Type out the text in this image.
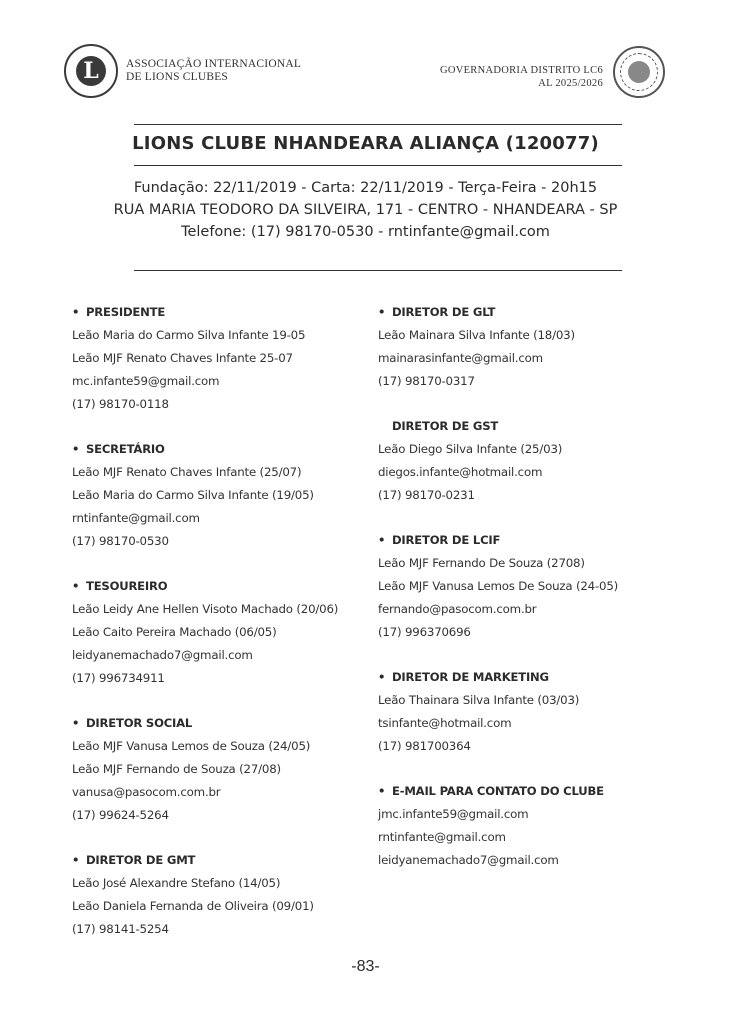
L	ASSOCIAÇÃO INTERNACIONAL
DE LIONS CLUBES
GOVERNADORIA DISTRITO LC6
AL 2025/2026
LIONS CLUBE NHANDEARA ALIANÇA (120077)
Fundação: 22/11/2019 - Carta: 22/11/2019 - Terça-Feira - 20h15
RUA MARIA TEODORO DA SILVEIRA, 171 - CENTRO - NHANDEARA - SP
Telefone: (17) 98170-0530 - rntinfante@gmail.com
• PRESIDENTE
Leão Maria do Carmo Silva Infante 19-05
Leão MJF Renato Chaves Infante 25-07
mc.infante59@gmail.com
(17) 98170-0118
• SECRETÁRIO
Leão MJF Renato Chaves Infante (25/07)
Leão Maria do Carmo Silva Infante (19/05)
rntinfante@gmail.com
(17) 98170-0530
• TESOUREIRO
Leão Leidy Ane Hellen Visoto Machado (20/06)
Leão Caito Pereira Machado (06/05)
leidyanemachado7@gmail.com
(17) 996734911
• DIRETOR SOCIAL
Leão MJF Vanusa Lemos de Souza (24/05)
Leão MJF Fernando de Souza (27/08)
vanusa@pasocom.com.br
(17) 99624-5264
• DIRETOR DE GMT
Leão José Alexandre Stefano (14/05)
Leão Daniela Fernanda de Oliveira (09/01)
(17) 98141-5254
• DIRETOR DE GLT
Leão Mainara Silva Infante (18/03)
mainarasinfante@gmail.com
(17) 98170-0317
DIRETOR DE GST
Leão Diego Silva Infante (25/03)
diegos.infante@hotmail.com
(17) 98170-0231
• DIRETOR DE LCIF
Leão MJF Fernando De Souza (2708)
Leão MJF Vanusa Lemos De Souza (24-05)
fernando@pasocom.com.br
(17) 996370696
• DIRETOR DE MARKETING
Leão Thainara Silva Infante (03/03)
tsinfante@hotmail.com
(17) 981700364
• E-MAIL PARA CONTATO DO CLUBE
jmc.infante59@gmail.com
rntinfante@gmail.com
leidyanemachado7@gmail.com
-83-
